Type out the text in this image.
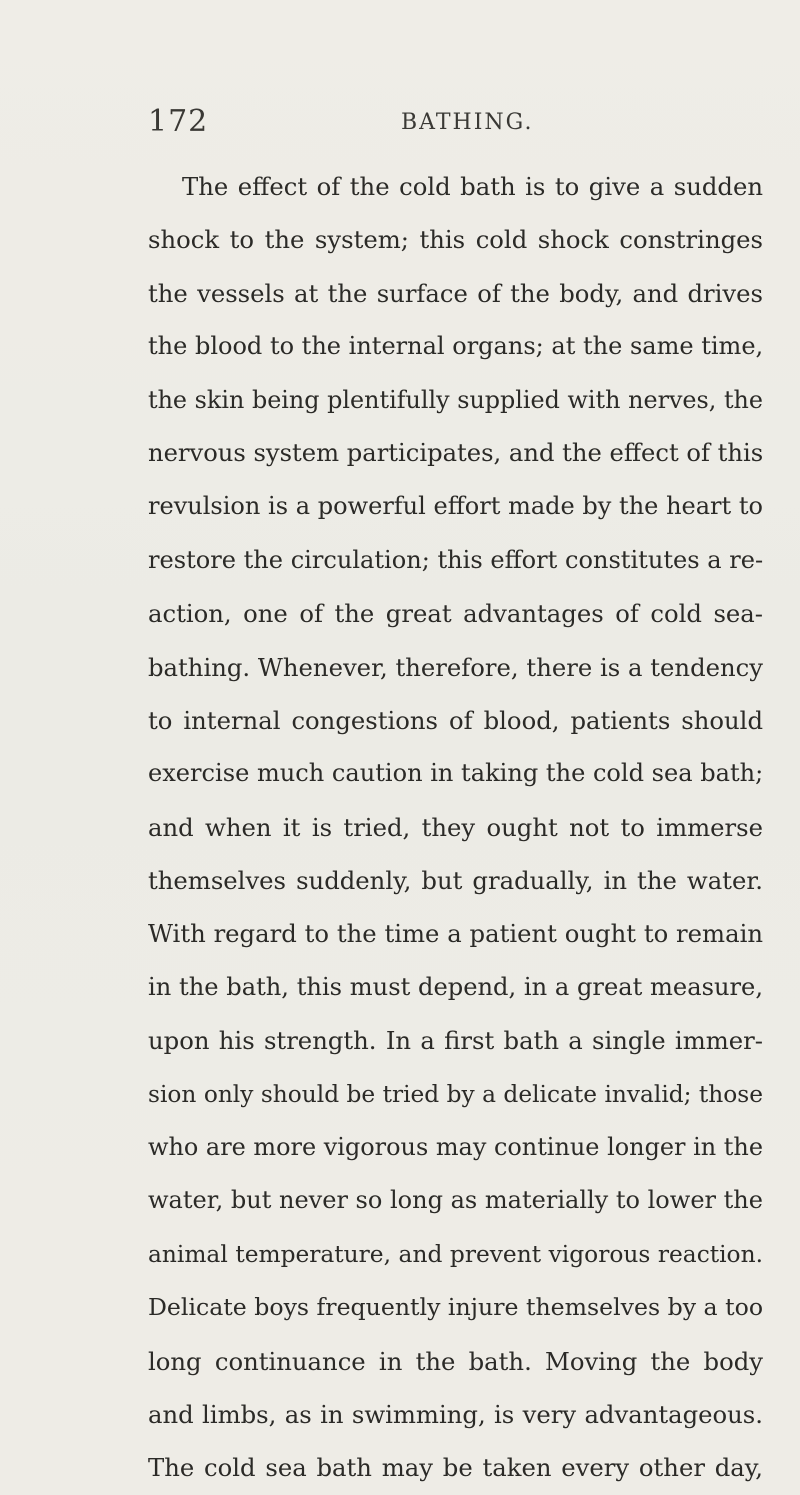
172	BATHING.
The effect of the cold bath is to give a sudden
shock to the system; this cold shock constringes
the vessels at the surface of the body, and drives
the blood to the internal organs; at the same time,
the skin being plentifully supplied with nerves, the
nervous system participates, and the effect of this
revulsion is a powerful effort made by the heart to
restore the circulation; this effort constitutes a re-
action, one of the great advantages of cold sea-
bathing. Whenever, therefore, there is a tendency
to internal congestions of blood, patients should
exercise much caution in taking the cold sea bath;
and when it is tried, they ought not to immerse
themselves suddenly, but gradually, in the water.
With regard to the time a patient ought to remain
in the bath, this must depend, in a great measure,
upon his strength. In a first bath a single immer-
sion only should be tried by a delicate invalid; those
who are more vigorous may continue longer in the
water, but never so long as materially to lower the
animal temperature, and prevent vigorous reaction.
Delicate boys frequently injure themselves by a too
long continuance in the bath. Moving the body
and limbs, as in swimming, is very advantageous.
The cold sea bath may be taken every other day,
